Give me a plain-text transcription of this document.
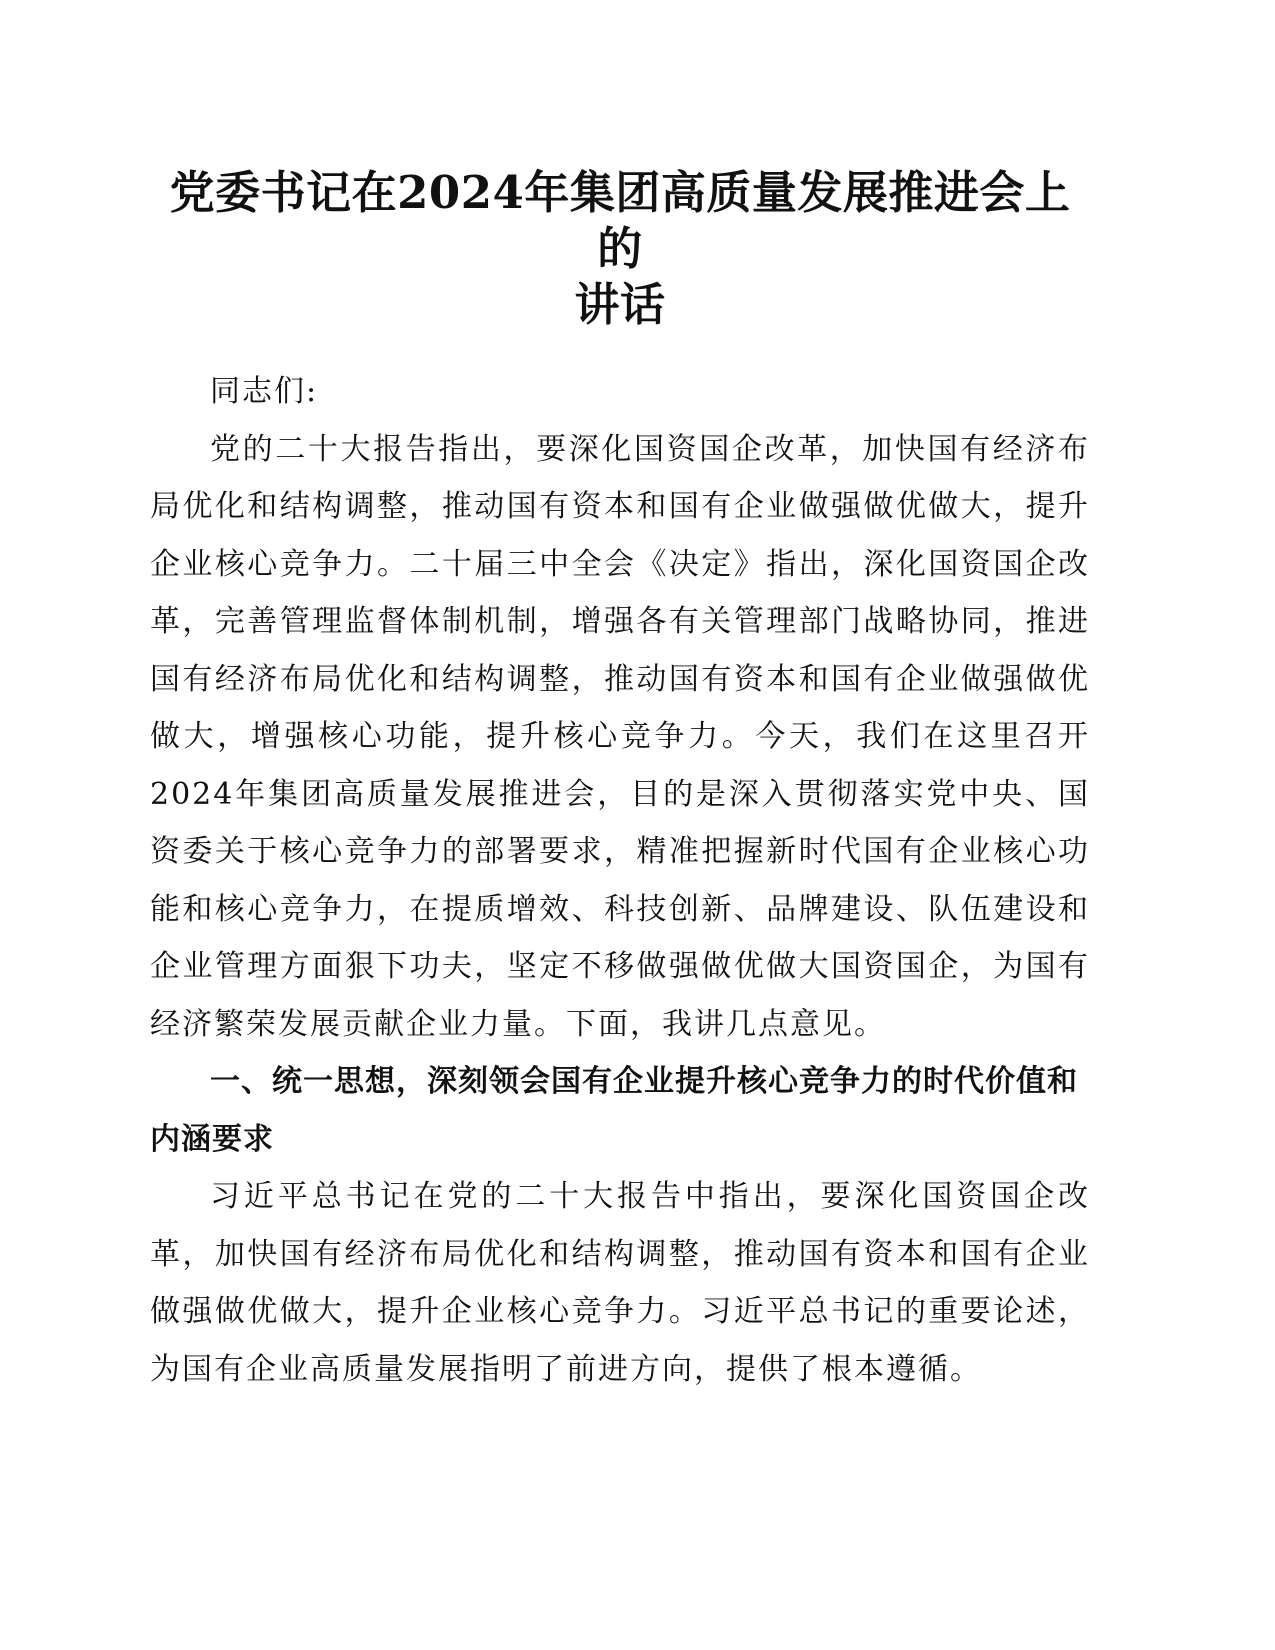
党委书记在2024年集团高质量发展推进会上的
讲话

同志们:

党的二十大报告指出，要深化国资国企改革，加快国有经济布局优化和结构调整，推动国有资本和国有企业做强做优做大，提升企业核心竞争力。二十届三中全会《决定》指出，深化国资国企改革，完善管理监督体制机制，增强各有关管理部门战略协同，推进国有经济布局优化和结构调整，推动国有资本和国有企业做强做优做大，增强核心功能，提升核心竞争力。今天，我们在这里召开2024年集团高质量发展推进会，目的是深入贯彻落实党中央、国资委关于核心竞争力的部署要求，精准把握新时代国有企业核心功能和核心竞争力，在提质增效、科技创新、品牌建设、队伍建设和企业管理方面狠下功夫，坚定不移做强做优做大国资国企，为国有经济繁荣发展贡献企业力量。下面，我讲几点意见。

一、统一思想，深刻领会国有企业提升核心竞争力的时代价值和内涵要求

习近平总书记在党的二十大报告中指出，要深化国资国企改革，加快国有经济布局优化和结构调整，推动国有资本和国有企业做强做优做大，提升企业核心竞争力。习近平总书记的重要论述，为国有企业高质量发展指明了前进方向，提供了根本遵循。
